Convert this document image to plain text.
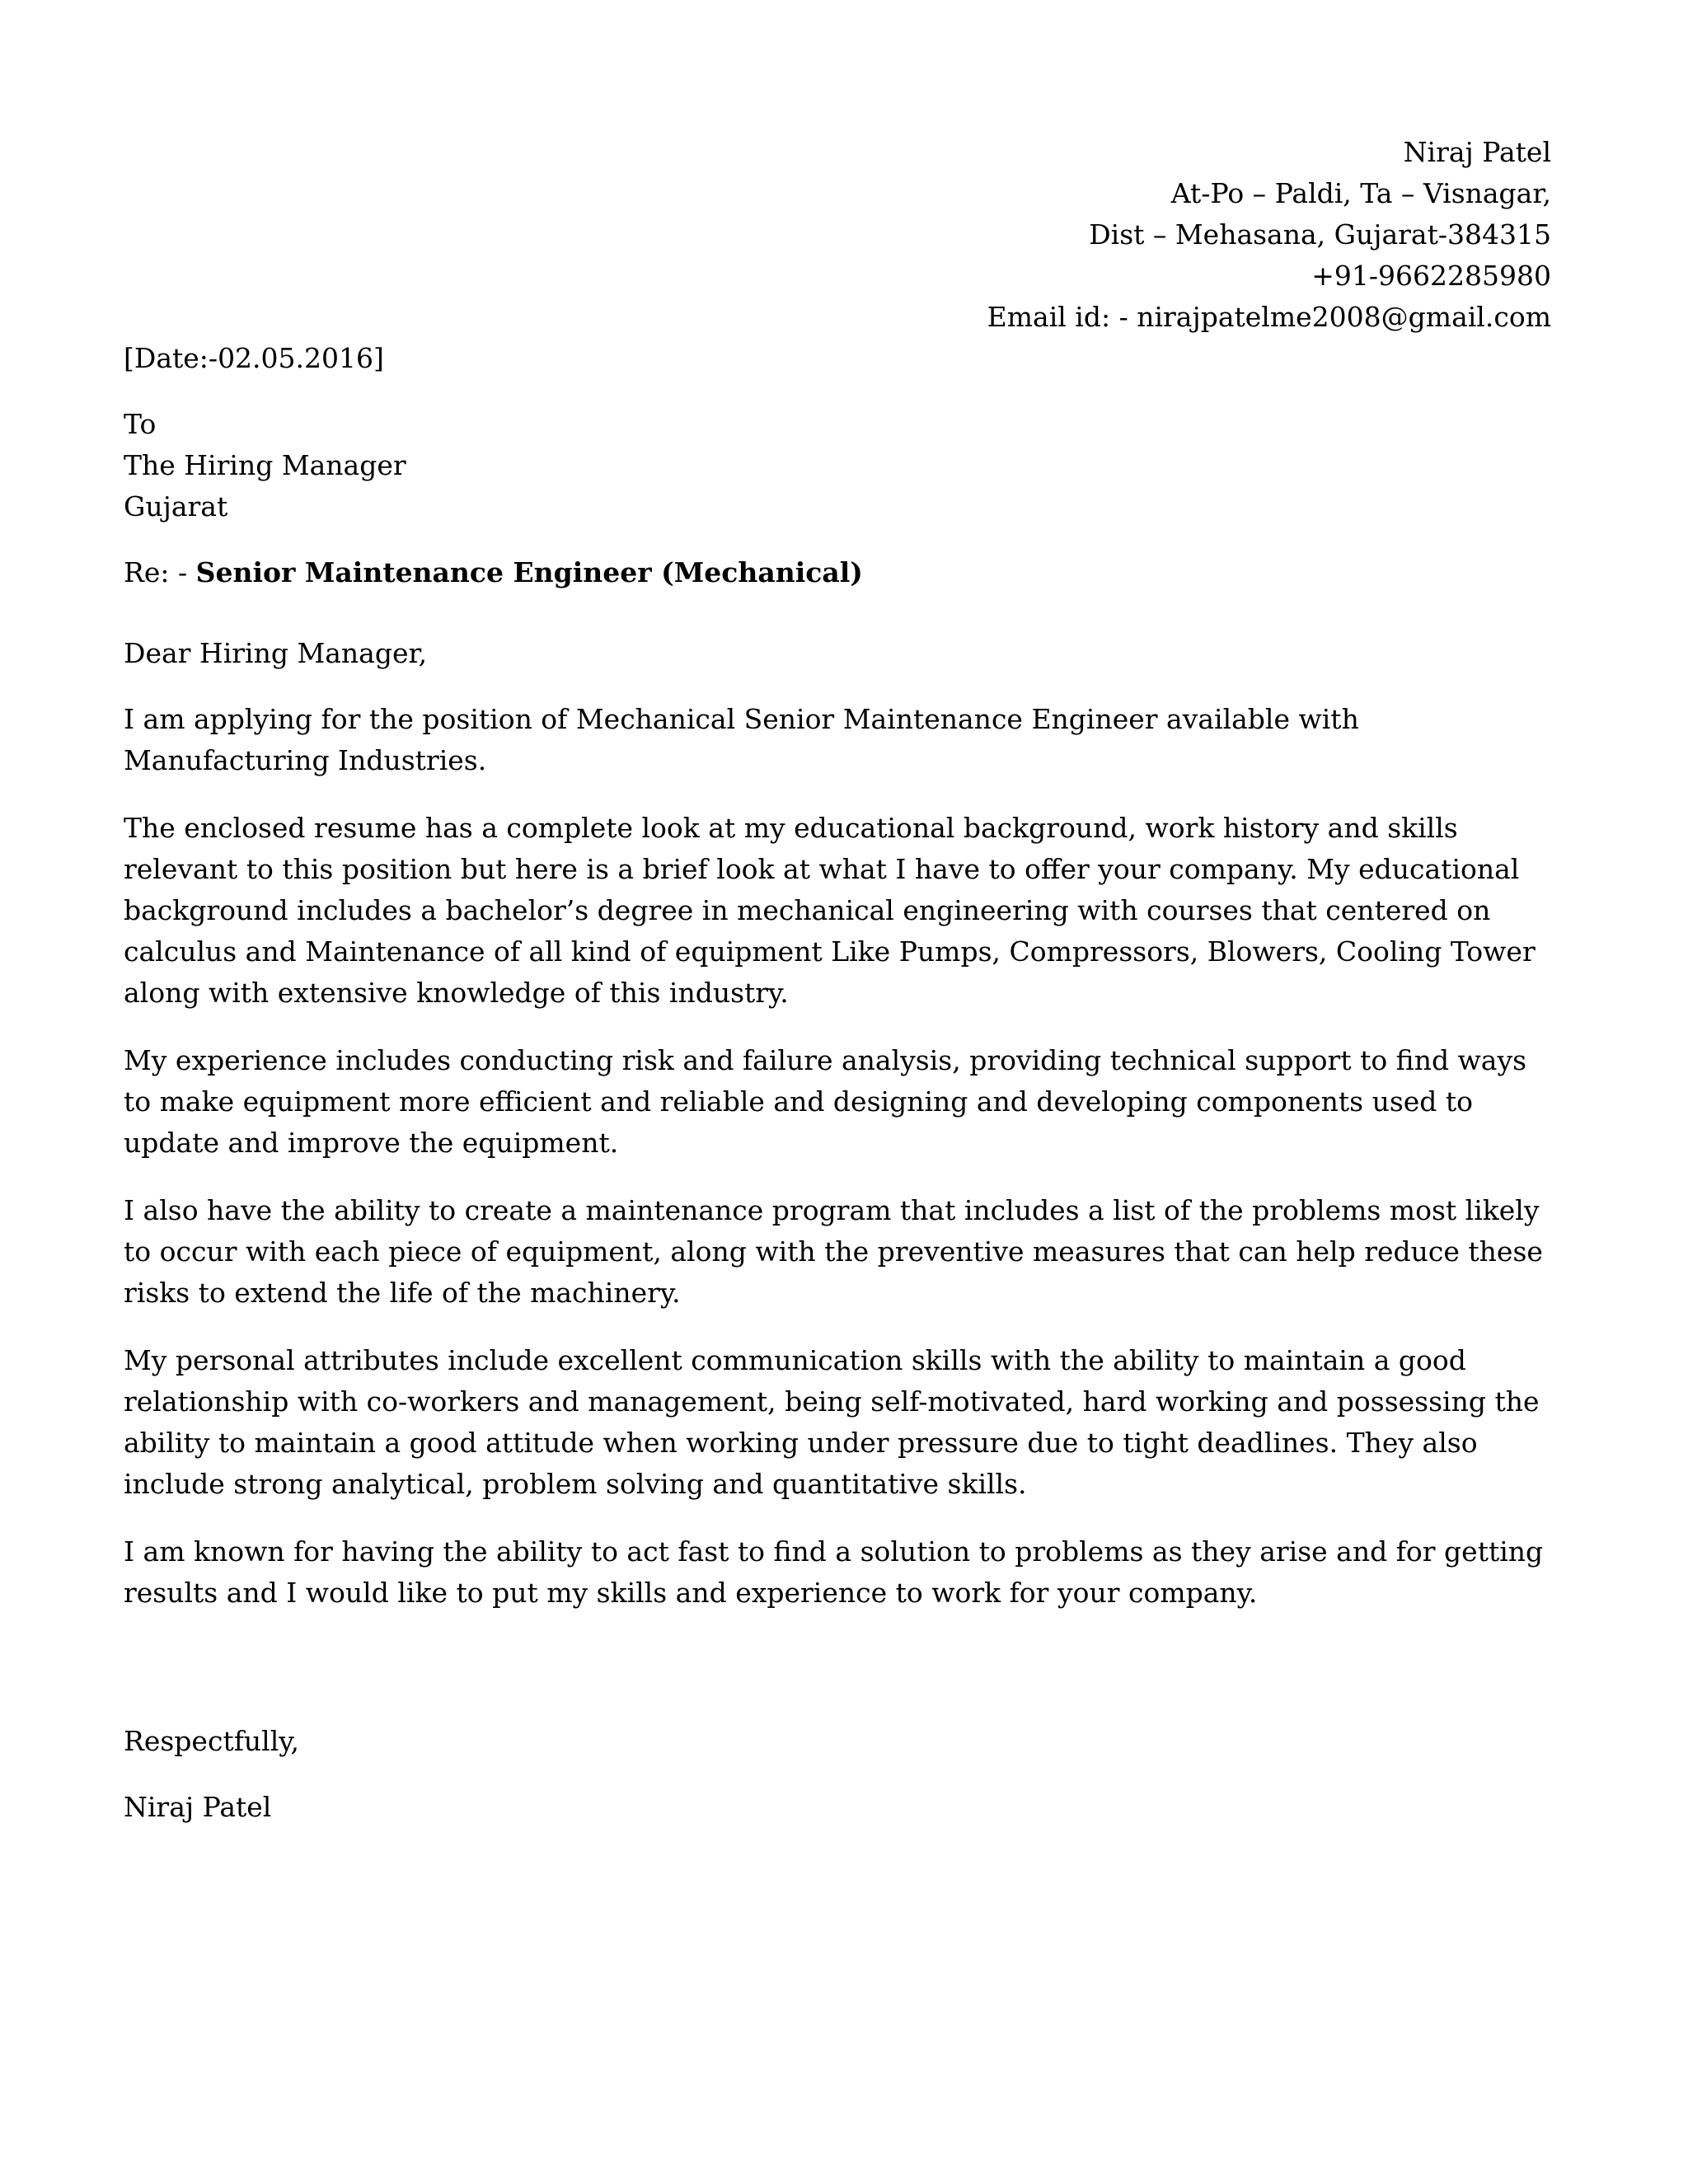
Niraj Patel
At-Po – Paldi, Ta – Visnagar,
Dist – Mehasana, Gujarat-384315
+91-9662285980
Email id: - nirajpatelme2008@gmail.com
[Date:-02.05.2016]
To
The Hiring Manager
Gujarat
Re: - Senior Maintenance Engineer (Mechanical)
Dear Hiring Manager,

I am applying for the position of Mechanical Senior Maintenance Engineer available with Manufacturing Industries.

The enclosed resume has a complete look at my educational background, work history and skills relevant to this position but here is a brief look at what I have to offer your company. My educational background includes a bachelor’s degree in mechanical engineering with courses that centered on calculus and Maintenance of all kind of equipment Like Pumps, Compressors, Blowers, Cooling Tower along with extensive knowledge of this industry.

My experience includes conducting risk and failure analysis, providing technical support to find ways to make equipment more efficient and reliable and designing and developing components used to update and improve the equipment.

I also have the ability to create a maintenance program that includes a list of the problems most likely to occur with each piece of equipment, along with the preventive measures that can help reduce these risks to extend the life of the machinery.

My personal attributes include excellent communication skills with the ability to maintain a good relationship with co-workers and management, being self-motivated, hard working and possessing the ability to maintain a good attitude when working under pressure due to tight deadlines. They also include strong analytical, problem solving and quantitative skills.

I am known for having the ability to act fast to find a solution to problems as they arise and for getting results and I would like to put my skills and experience to work for your company.

Respectfully,
Niraj Patel
